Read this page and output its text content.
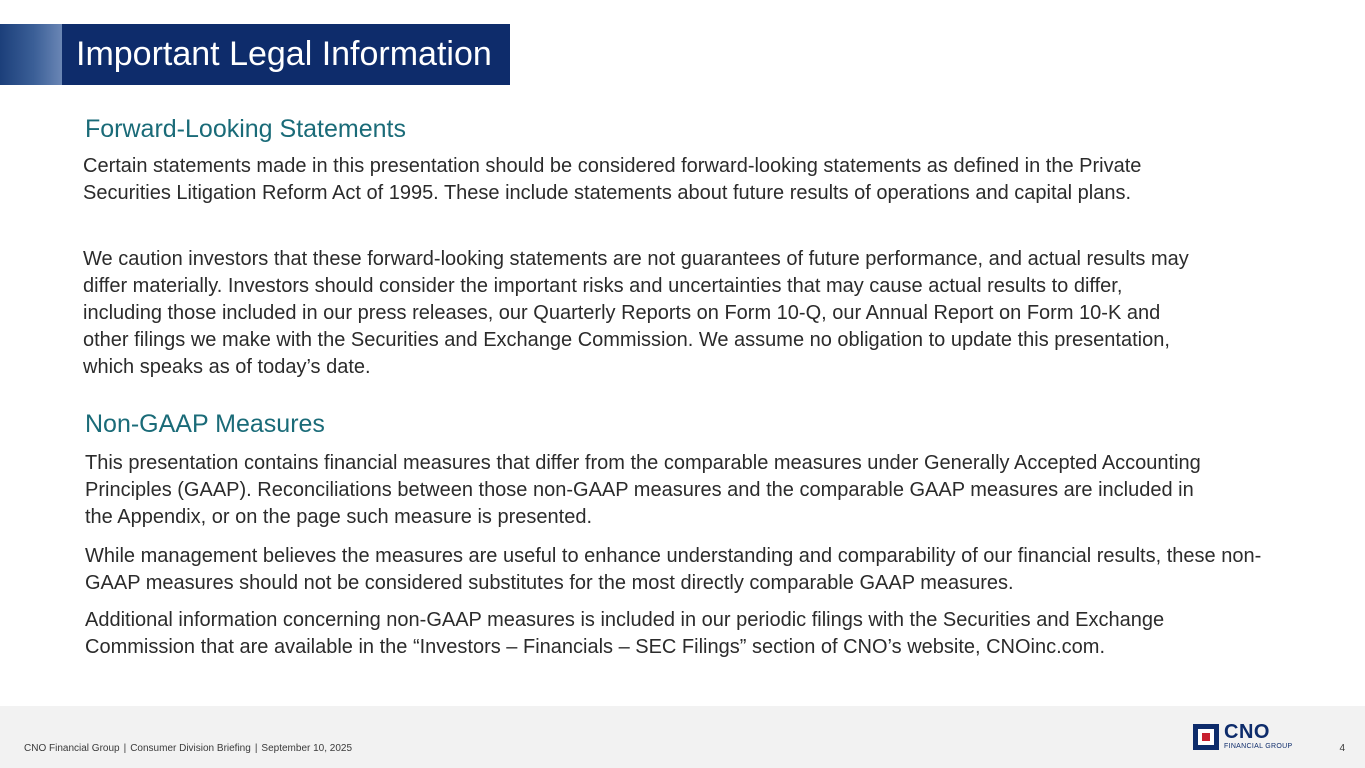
Important Legal Information
Forward-Looking Statements

Certain statements made in this presentation should be considered forward-looking statements as defined in the Private Securities Litigation Reform Act of 1995. These include statements about future results of operations and capital plans.

We caution investors that these forward-looking statements are not guarantees of future performance, and actual results may differ materially. Investors should consider the important risks and uncertainties that may cause actual results to differ, including those included in our press releases, our Quarterly Reports on Form 10-Q, our Annual Report on Form 10-K and other filings we make with the Securities and Exchange Commission. We assume no obligation to update this presentation, which speaks as of today’s date.

Non-GAAP Measures

This presentation contains financial measures that differ from the comparable measures under Generally Accepted Accounting Principles (GAAP). Reconciliations between those non-GAAP measures and the comparable GAAP measures are included in the Appendix, or on the page such measure is presented.

While management believes the measures are useful to enhance understanding and comparability of our financial results, these non-GAAP measures should not be considered substitutes for the most directly comparable GAAP measures.

Additional information concerning non-GAAP measures is included in our periodic filings with the Securities and Exchange Commission that are available in the “Investors – Financials – SEC Filings” section of CNO’s website, CNOinc.com.

CNO Financial Group | Consumer Division Briefing | September 10, 2025
CNO
FINANCIAL GROUP	4
